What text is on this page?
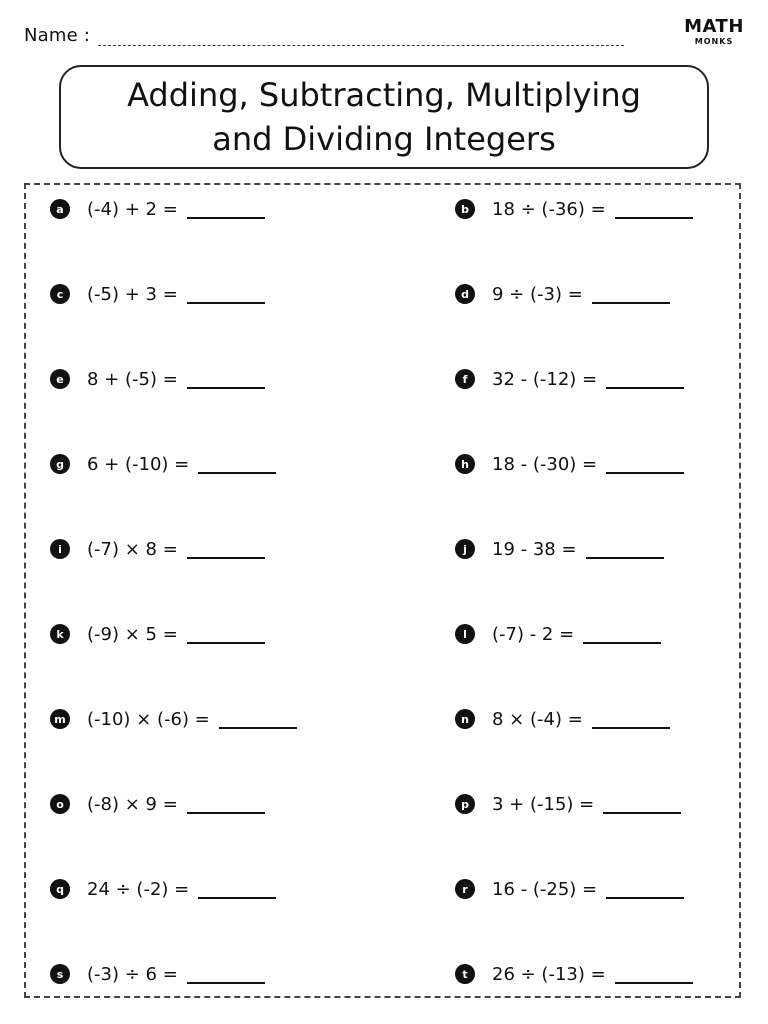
Name :	MATH
MONKS
Adding, Subtracting, Multiplying
and Dividing Integers
a	(-4) + 2 =	b	18 ÷ (-36) =
c	(-5) + 3 =	d	9 ÷ (-3) =
e	8 + (-5) =	f	32 - (-12) =
g	6 + (-10) =	h	18 - (-30) =
i	(-7) × 8 =	j	19 - 38 =
k	(-9) × 5 =	l	(-7) - 2 =
m (-10) × (-6) =	n	8 × (-4) =
o	(-8) × 9 =	p	3 + (-15) =
q	24 ÷ (-2) =	r	16 - (-25) =
s	(-3) ÷ 6 =	t	26 ÷ (-13) =
